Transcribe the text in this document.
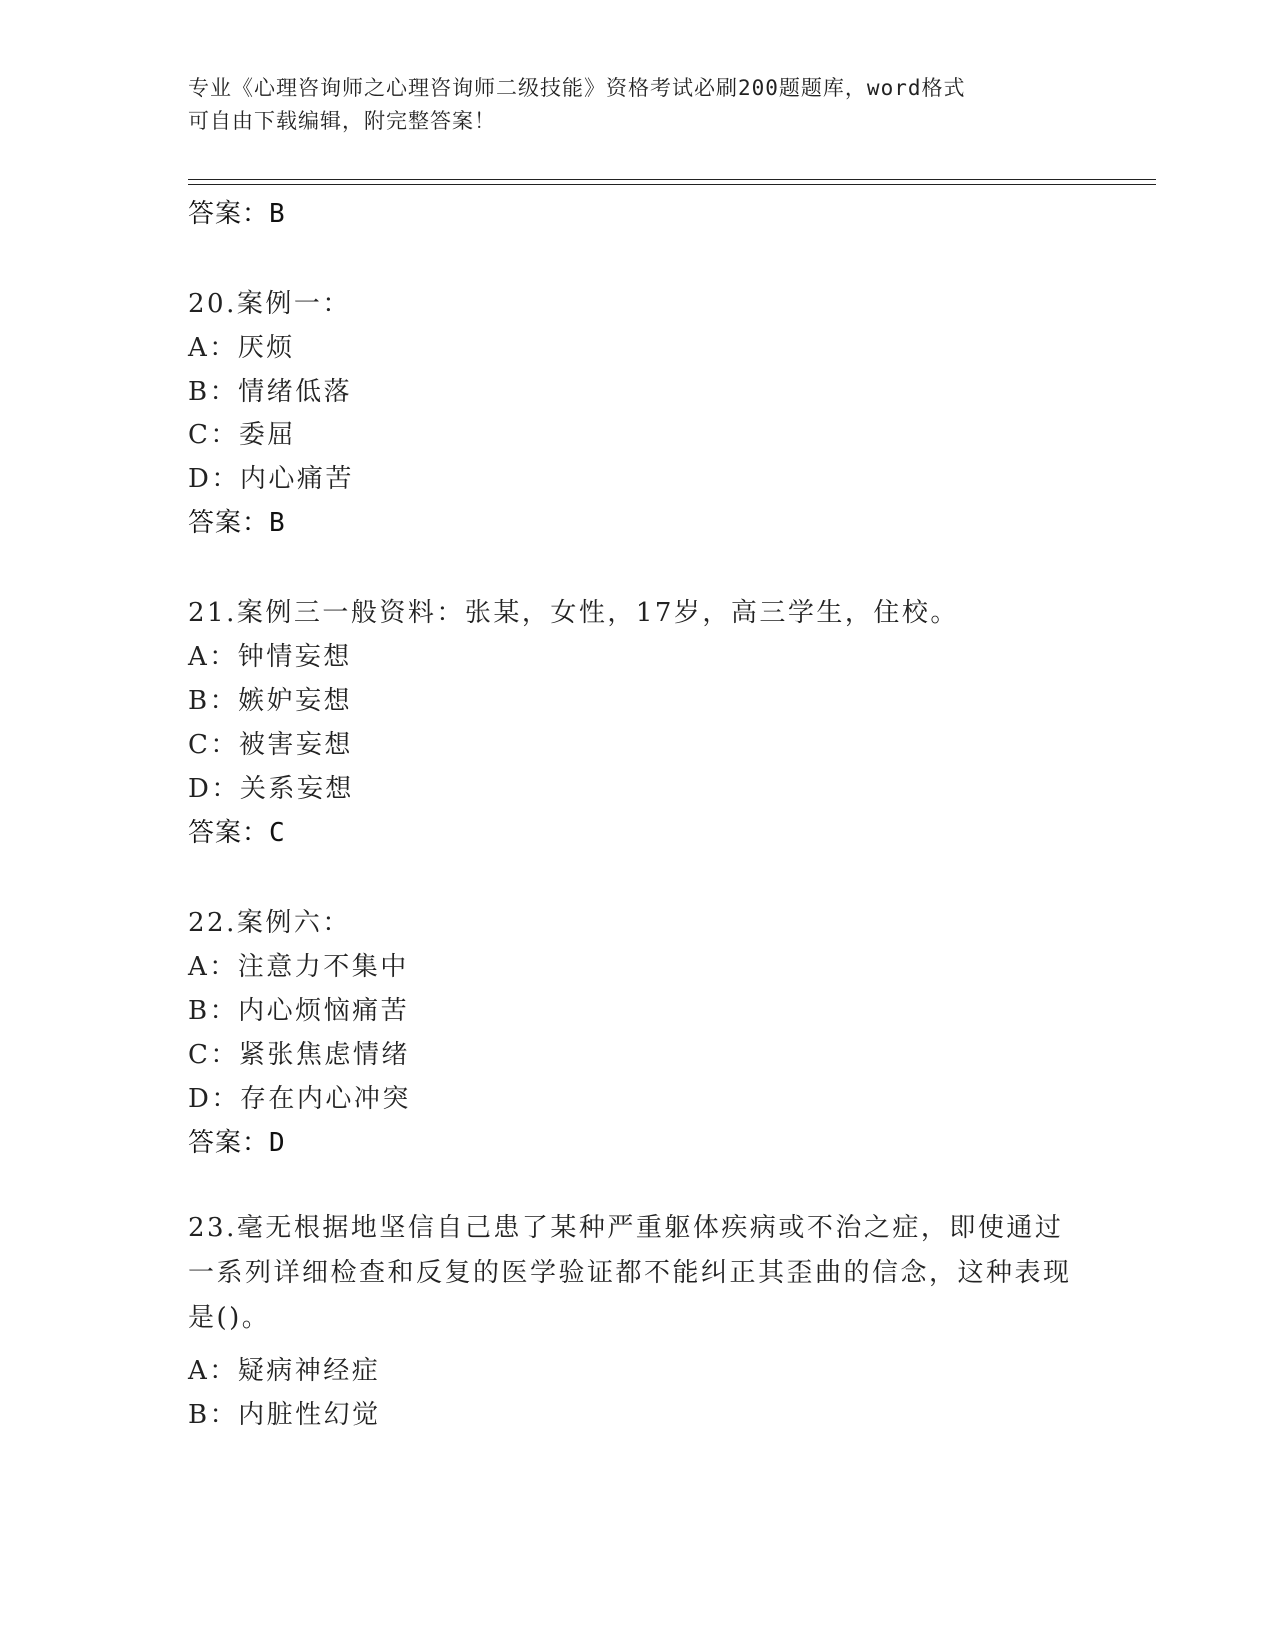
专业《心理咨询师之心理咨询师二级技能》资格考试必刷200题题库，word格式
可自由下载编辑，附完整答案！
答案：B
20.案例一：
A：厌烦
B：情绪低落
C：委屈
D：内心痛苦
答案：B
21.案例三一般资料：张某，女性，17岁，高三学生，住校。
A：钟情妄想
B：嫉妒妄想
C：被害妄想
D：关系妄想
答案：C
22.案例六：
A：注意力不集中
B：内心烦恼痛苦
C：紧张焦虑情绪
D：存在内心冲突
答案：D
23.毫无根据地坚信自己患了某种严重躯体疾病或不治之症，即使通过一系列详细检查和反复的医学验证都不能纠正其歪曲的信念，这种表现是()。
A：疑病神经症
B：内脏性幻觉
